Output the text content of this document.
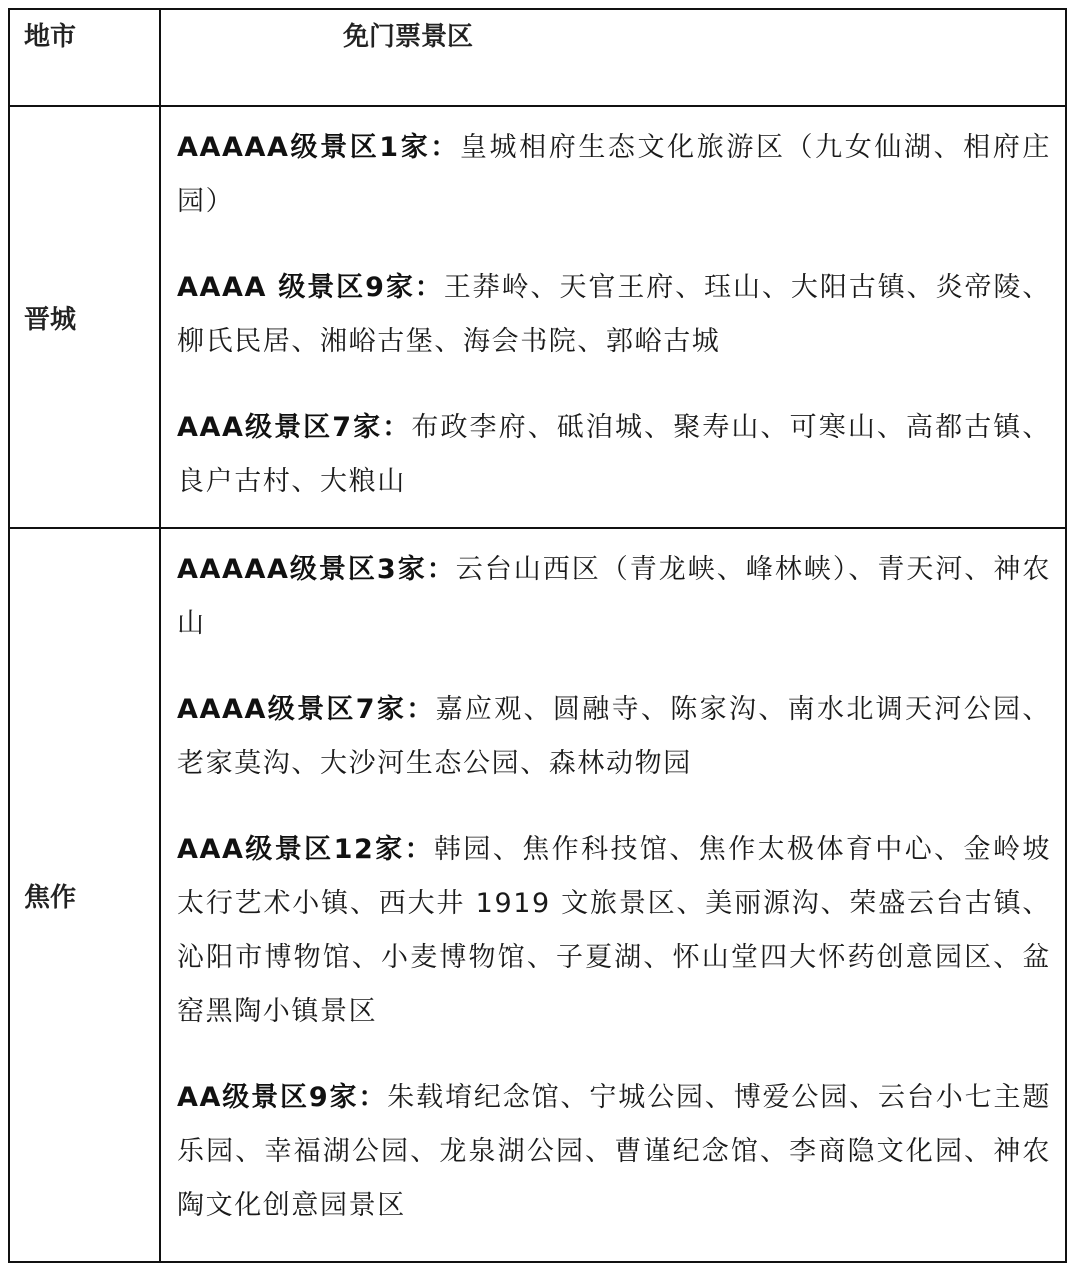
地市	免门票景区
晋城	AAAAA级景区1家：皇城相府生态文化旅游区（九女仙湖、相府庄园）

AAAA 级景区9家：王莽岭、天官王府、珏山、大阳古镇、炎帝陵、柳氏民居、湘峪古堡、海会书院、郭峪古城

AAA级景区7家：布政李府、砥洎城、聚寿山、可寒山、高都古镇、良户古村、大粮山

焦作	AAAAA级景区3家：云台山西区（青龙峡、峰林峡）、青天河、神农山

AAAA级景区7家：嘉应观、圆融寺、陈家沟、南水北调天河公园、老家莫沟、大沙河生态公园、森林动物园

AAA级景区12家：韩园、焦作科技馆、焦作太极体育中心、金岭坡太行艺术小镇、西大井 1919 文旅景区、美丽源沟、荣盛云台古镇、沁阳市博物馆、小麦博物馆、子夏湖、怀山堂四大怀药创意园区、盆窑黑陶小镇景区

AA级景区9家：朱载堉纪念馆、宁城公园、博爱公园、云台小七主题乐园、幸福湖公园、龙泉湖公园、曹谨纪念馆、李商隐文化园、神农陶文化创意园景区
